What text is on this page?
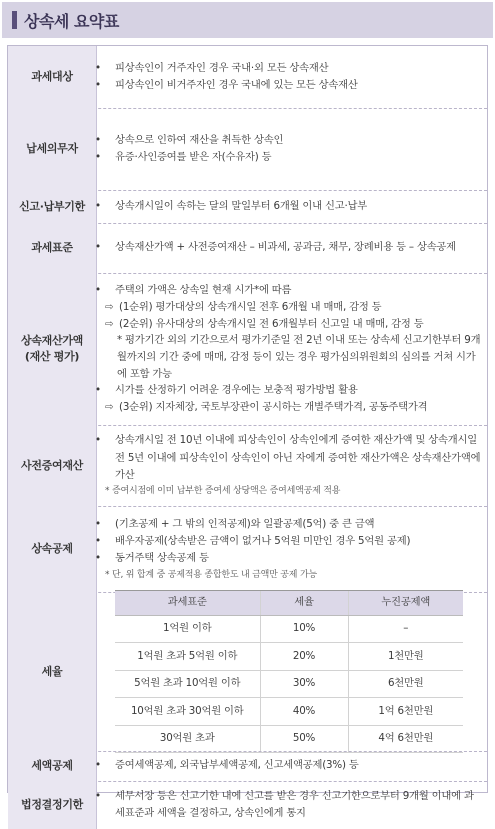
상속세 요약표
과세대상
• 피상속인이 거주자인 경우 국내·외 모든 상속재산
• 피상속인이 비거주자인 경우 국내에 있는 모든 상속재산
납세의무자
• 상속으로 인하여 재산을 취득한 상속인
• 유증·사인증여를 받은 자(수유자) 등
신고·납부기한 • 상속개시일이 속하는 달의 말일부터 6개월 이내 신고·납부
과세표준	• 상속재산가액 + 사전증여재산 – 비과세, 공과금, 채무, 장례비용 등 – 상속공제
상속재산가액
(재산 평가)
• 주택의 가액은 상속일 현재 시가*에 따름
⇨ (1순위) 평가대상의 상속개시일 전후 6개월 내 매매, 감정 등
⇨ (2순위) 유사대상의 상속개시일 전 6개월부터 신고일 내 매매, 감정 등
* 평가기간 외의 기간으로서 평가기준일 전 2년 이내 또는 상속세 신고기한부터 9개월까지의 기간 중에 매매, 감정 등이 있는 경우 평가심의위원회의 심의를 거쳐 시가에 포함 가능
• 시가를 산정하기 어려운 경우에는 보충적 평가방법 활용
⇨ (3순위) 지자체장, 국토부장관이 공시하는 개별주택가격, 공동주택가격
사전증여재산
• 상속개시일 전 10년 이내에 피상속인이 상속인에게 증여한 재산가액 및 상속개시일 전 5년 이내에 피상속인이 상속인이 아닌 자에게 증여한 재산가액은 상속재산가액에 가산
* 증여시점에 이미 납부한 증여세 상당액은 증여세액공제 적용
상속공제
• (기초공제 + 그 밖의 인적공제)와 일괄공제(5억) 중 큰 금액
• 배우자공제(상속받은 금액이 없거나 5억원 미만인 경우 5억원 공제)
• 동거주택 상속공제 등
* 단, 위 합계 중 공제적용 종합한도 내 금액만 공제 가능
세율
과세표준	세율	누진공제액
1억원 이하	10%	–
1억원 초과 5억원 이하	20%	1천만원
5억원 초과 10억원 이하	30%	6천만원
10억원 초과 30억원 이하	40%	1억 6천만원
30억원 초과	50%	4억 6천만원
세액공제	• 증여세액공제, 외국납부세액공제, 신고세액공제(3%) 등
법정결정기한
• 세무서장 등은 신고기한 내에 신고를 받은 경우 신고기한으로부터 9개월 이내에 과세표준과 세액을 결정하고, 상속인에게 통지
